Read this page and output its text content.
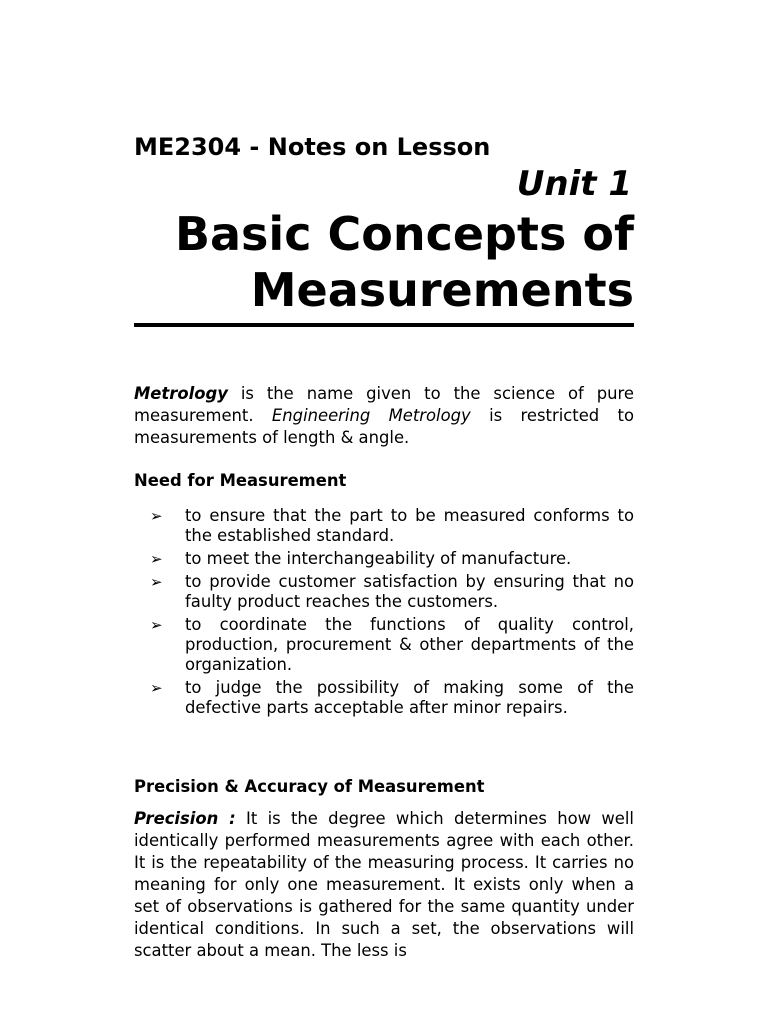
ME2304 - Notes on Lesson
Unit 1
Basic Concepts of
Measurements

Metrology is the name given to the science of pure measurement. Engineering Metrology is restricted to measurements of length & angle.

Need for Measurement
➢ to ensure that the part to be measured conforms to the established standard.
➢ to meet the interchangeability of manufacture.
➢ to provide customer satisfaction by ensuring that no faulty product reaches the customers.
➢ to coordinate the functions of quality control, production, procurement & other departments of the organization.
➢ to judge the possibility of making some of the defective parts acceptable after minor repairs.
Precision & Accuracy of Measurement

Precision : It is the degree which determines how well identically performed measurements agree with each other. It is the repeatability of the measuring process. It carries no meaning for only one measurement. It exists only when a set of observations is gathered for the same quantity under identical conditions. In such a set, the observations will scatter about a mean. The less is
